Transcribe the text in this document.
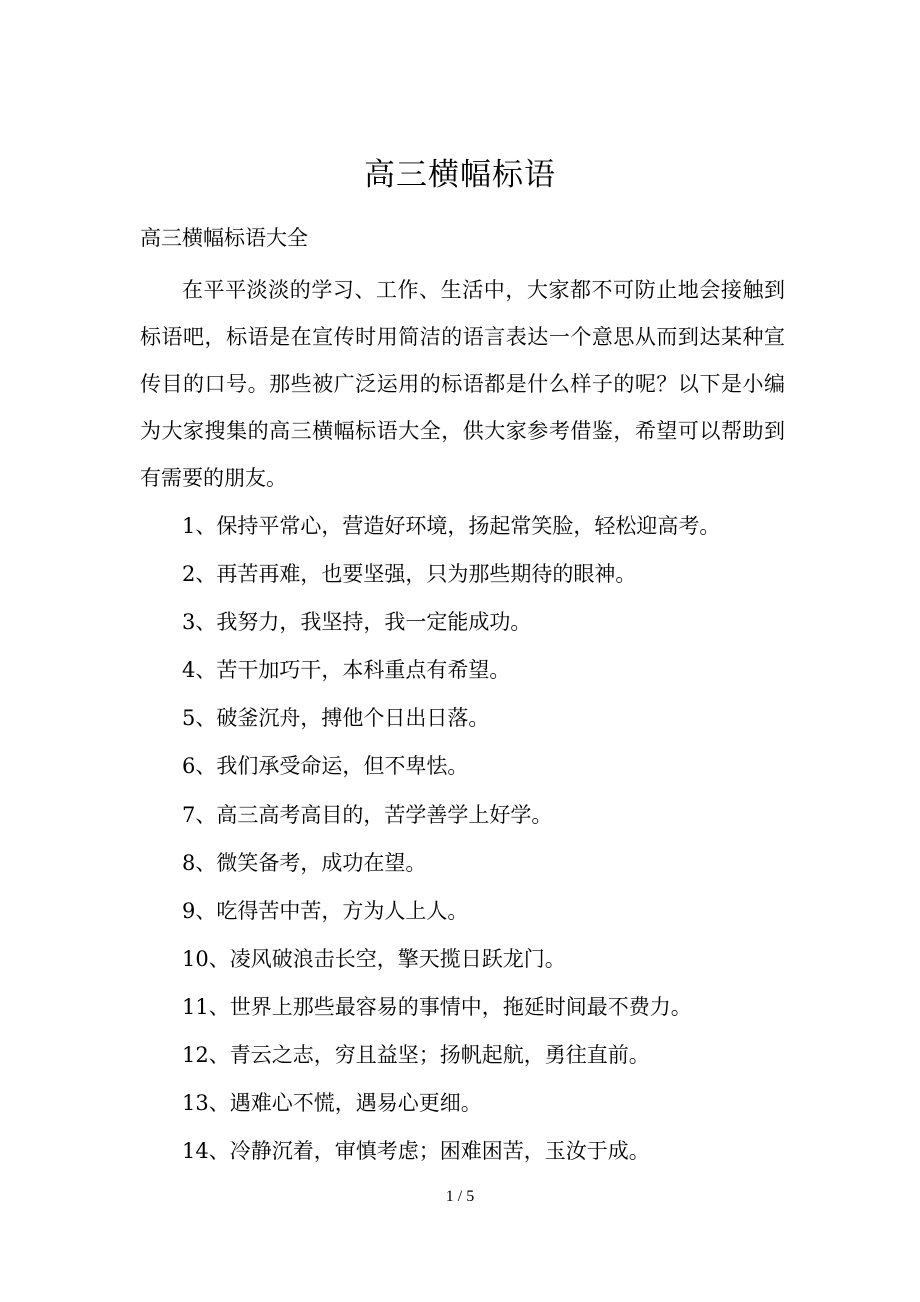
高三横幅标语
高三横幅标语大全

在平平淡淡的学习、工作、生活中，大家都不可防止地会接触到标语吧，标语是在宣传时用简洁的语言表达一个意思从而到达某种宣传目的口号。那些被广泛运用的标语都是什么样子的呢？以下是小编为大家搜集的高三横幅标语大全，供大家参考借鉴，希望可以帮助到有需要的朋友。

1、保持平常心，营造好环境，扬起常笑脸，轻松迎高考。
2、再苦再难，也要坚强，只为那些期待的眼神。
3、我努力，我坚持，我一定能成功。
4、苦干加巧干，本科重点有希望。
5、破釜沉舟，搏他个日出日落。
6、我们承受命运，但不卑怯。
7、高三高考高目的，苦学善学上好学。
8、微笑备考，成功在望。
9、吃得苦中苦，方为人上人。
10、凌风破浪击长空，擎天揽日跃龙门。
11、世界上那些最容易的事情中，拖延时间最不费力。
12、青云之志，穷且益坚；扬帆起航，勇往直前。
13、遇难心不慌，遇易心更细。
14、冷静沉着，审慎考虑；困难困苦，玉汝于成。
1 / 5
